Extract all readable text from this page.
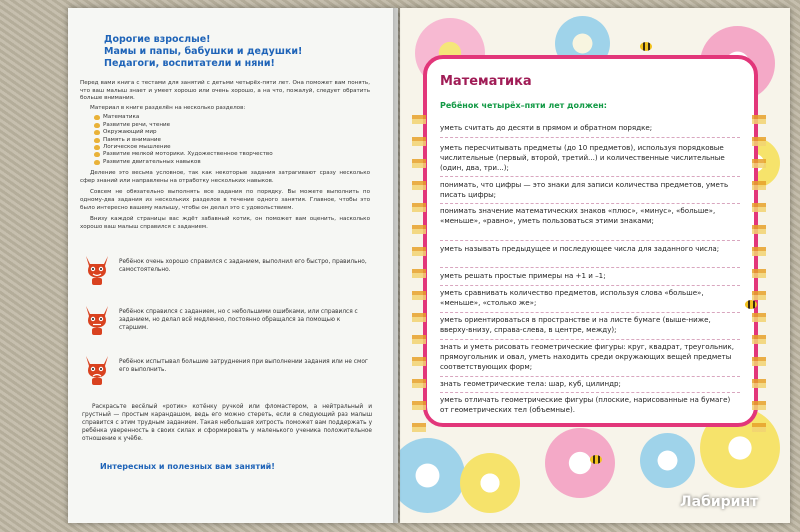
Дорогие взрослые!
Мамы и папы, бабушки и дедушки!
Педагоги, воспитатели и няни!

Перед вами книга с тестами для занятий с детьми четырёх-пяти лет. Она поможет вам понять, что ваш малыш знает и умеет хорошо или очень хорошо, а на что, пожалуй, следует обратить больше внимания.

Материал в книге разделён на несколько разделов:

Математика
Развитие речи, чтение
Окружающий мир
Память и внимание
Логическое мышление
Развитие мелкой моторики. Художественное творчество
Развитие двигательных навыков

Деление это весьма условное, так как некоторые задания затрагивают сразу несколько сфер знаний или направлены на отработку нескольких навыков.

Совсем не обязательно выполнять все задания по порядку. Вы можете выполнить по одному-два задания из нескольких разделов в течение одного занятия. Главное, чтобы это было интересно вашему малышу, чтобы он делал это с удовольствием.

Внизу каждой страницы вас ждёт забавный котик, он поможет вам оценить, насколько хорошо ваш малыш справился с заданием.

Ребёнок очень хорошо справился с заданием, выполнил его быстро, правильно, самостоятельно.
Ребёнок справился с заданием, но с небольшими ошибками, или справился с заданием, но делал всё медленно, постоянно обращался за помощью к старшим.
Ребёнок испытывал большие затруднения при выполнении задания или не смог его выполнить.
Раскрасьте весёлый «ротик» котёнку ручкой или фломастером, а нейтральный и грустный — простым карандашом, ведь его можно стереть, если в следующий раз малыш справится с этим трудным заданием. Такая небольшая хитрость поможет вам поддержать у ребёнка уверенность в своих силах и сформировать у маленького ученика положительное отношение к учёбе.
Интересных и полезных вам занятий!
Математика
Ребёнок четырёх–пяти лет должен:
уметь считать до десяти в прямом и обратном порядке;
уметь пересчитывать предметы (до 10 предметов), используя порядковые числительные (первый, второй, третий...) и количественные числительные (один, два, три...);
понимать, что цифры — это знаки для записи количества предметов, уметь писать цифры;
понимать значение математических знаков «плюс», «минус», «больше», «меньше», «равно», уметь пользоваться этими знаками;
уметь называть предыдущее и последующее числа для заданного числа;
уметь решать простые примеры на +1 и –1;
уметь сравнивать количество предметов, используя слова «больше», «меньше», «столько же»;
уметь ориентироваться в пространстве и на листе бумаге (выше-ниже, вверху-внизу, справа-слева, в центре, между);
знать и уметь рисовать геометрические фигуры: круг, квадрат, треугольник, прямоугольник и овал, уметь находить среди окружающих вещей предметы соответствующих форм;
знать геометрические тела: шар, куб, цилиндр;
уметь отличать геометрические фигуры (плоские, нарисованные на бумаге) от геометрических тел (объемные).
Лабиринт
